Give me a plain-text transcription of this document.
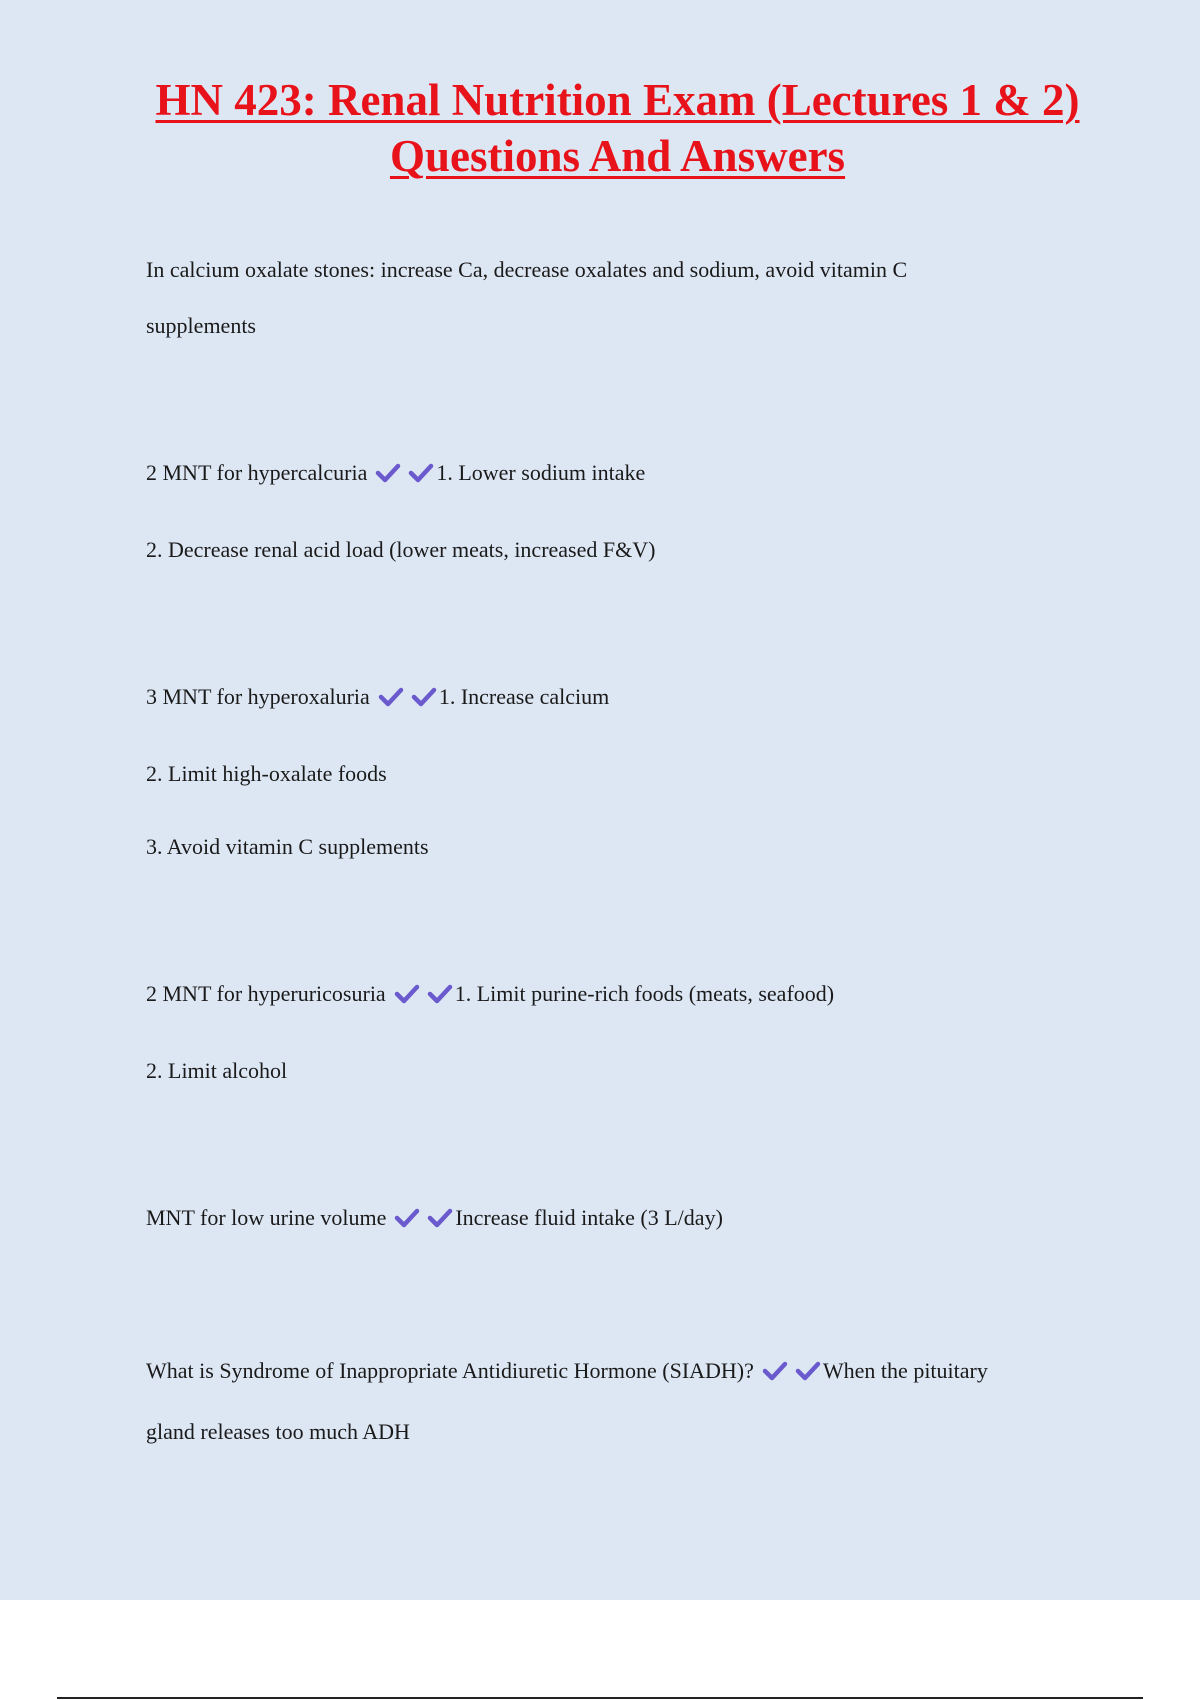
HN 423: Renal Nutrition Exam (Lectures 1 & 2) Questions And Answers

In calcium oxalate stones: increase Ca, decrease oxalates and sodium, avoid vitamin C

supplements

2 MNT for hypercalcuria	1. Lower sodium intake

2. Decrease renal acid load (lower meats, increased F&V)

3 MNT for hyperoxaluria	1. Increase calcium

2. Limit high-oxalate foods

3. Avoid vitamin C supplements

2 MNT for hyperuricosuria	1. Limit purine-rich foods (meats, seafood)

2. Limit alcohol

MNT for low urine volume	Increase fluid intake (3 L/day)

What is Syndrome of Inappropriate Antidiuretic Hormone (SIADH)?	When the pituitary

gland releases too much ADH
